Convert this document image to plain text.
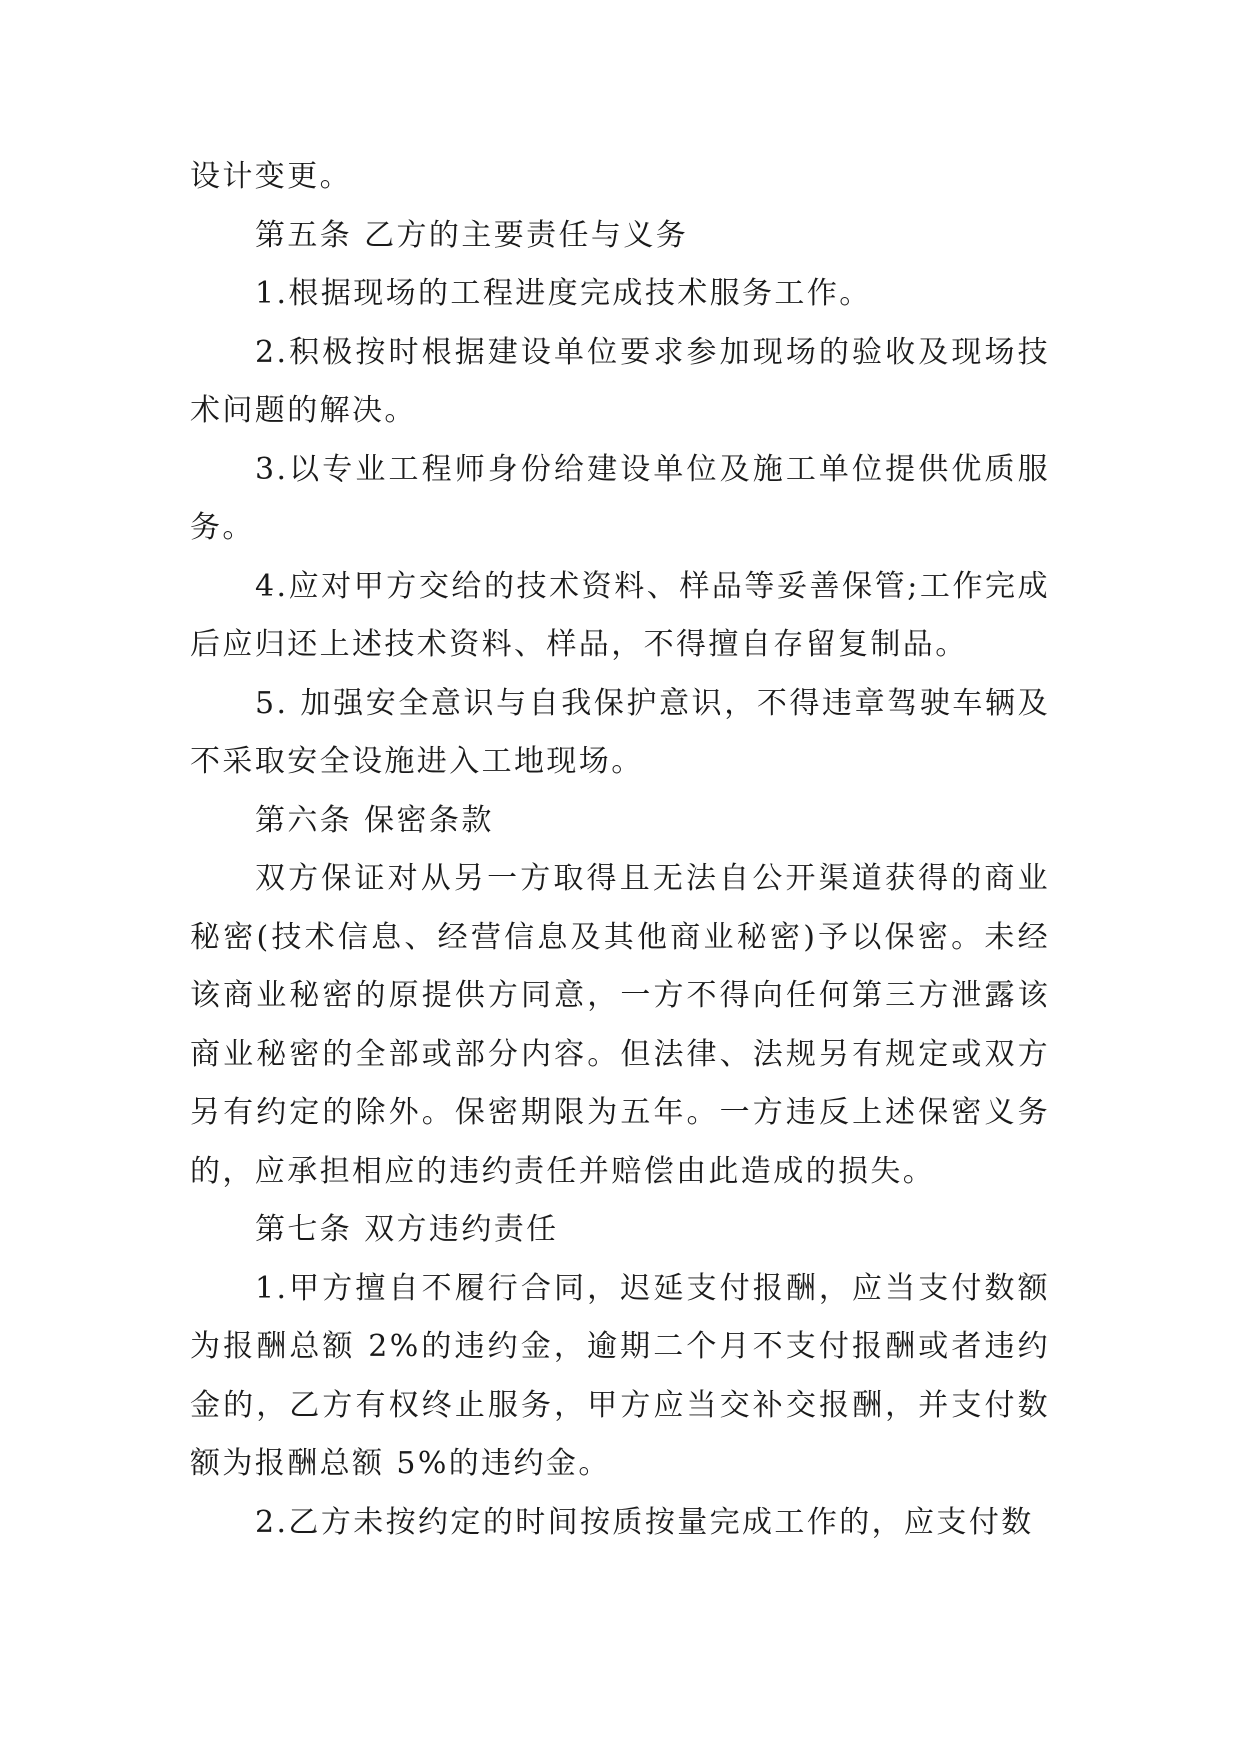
设计变更。

第五条 乙方的主要责任与义务

1.根据现场的工程进度完成技术服务工作。

2.积极按时根据建设单位要求参加现场的验收及现场技术问题的解决。

3.以专业工程师身份给建设单位及施工单位提供优质服务。

4.应对甲方交给的技术资料、样品等妥善保管;工作完成后应归还上述技术资料、样品，不得擅自存留复制品。

5. 加强安全意识与自我保护意识，不得违章驾驶车辆及不采取安全设施进入工地现场。

第六条 保密条款

双方保证对从另一方取得且无法自公开渠道获得的商业秘密(技术信息、经营信息及其他商业秘密)予以保密。未经该商业秘密的原提供方同意，一方不得向任何第三方泄露该商业秘密的全部或部分内容。但法律、法规另有规定或双方另有约定的除外。保密期限为五年。一方违反上述保密义务的，应承担相应的违约责任并赔偿由此造成的损失。

第七条 双方违约责任

1.甲方擅自不履行合同，迟延支付报酬，应当支付数额为报酬总额 2%的违约金，逾期二个月不支付报酬或者违约金的，乙方有权终止服务，甲方应当交补交报酬，并支付数额为报酬总额 5%的违约金。

2.乙方未按约定的时间按质按量完成工作的，应支付数
